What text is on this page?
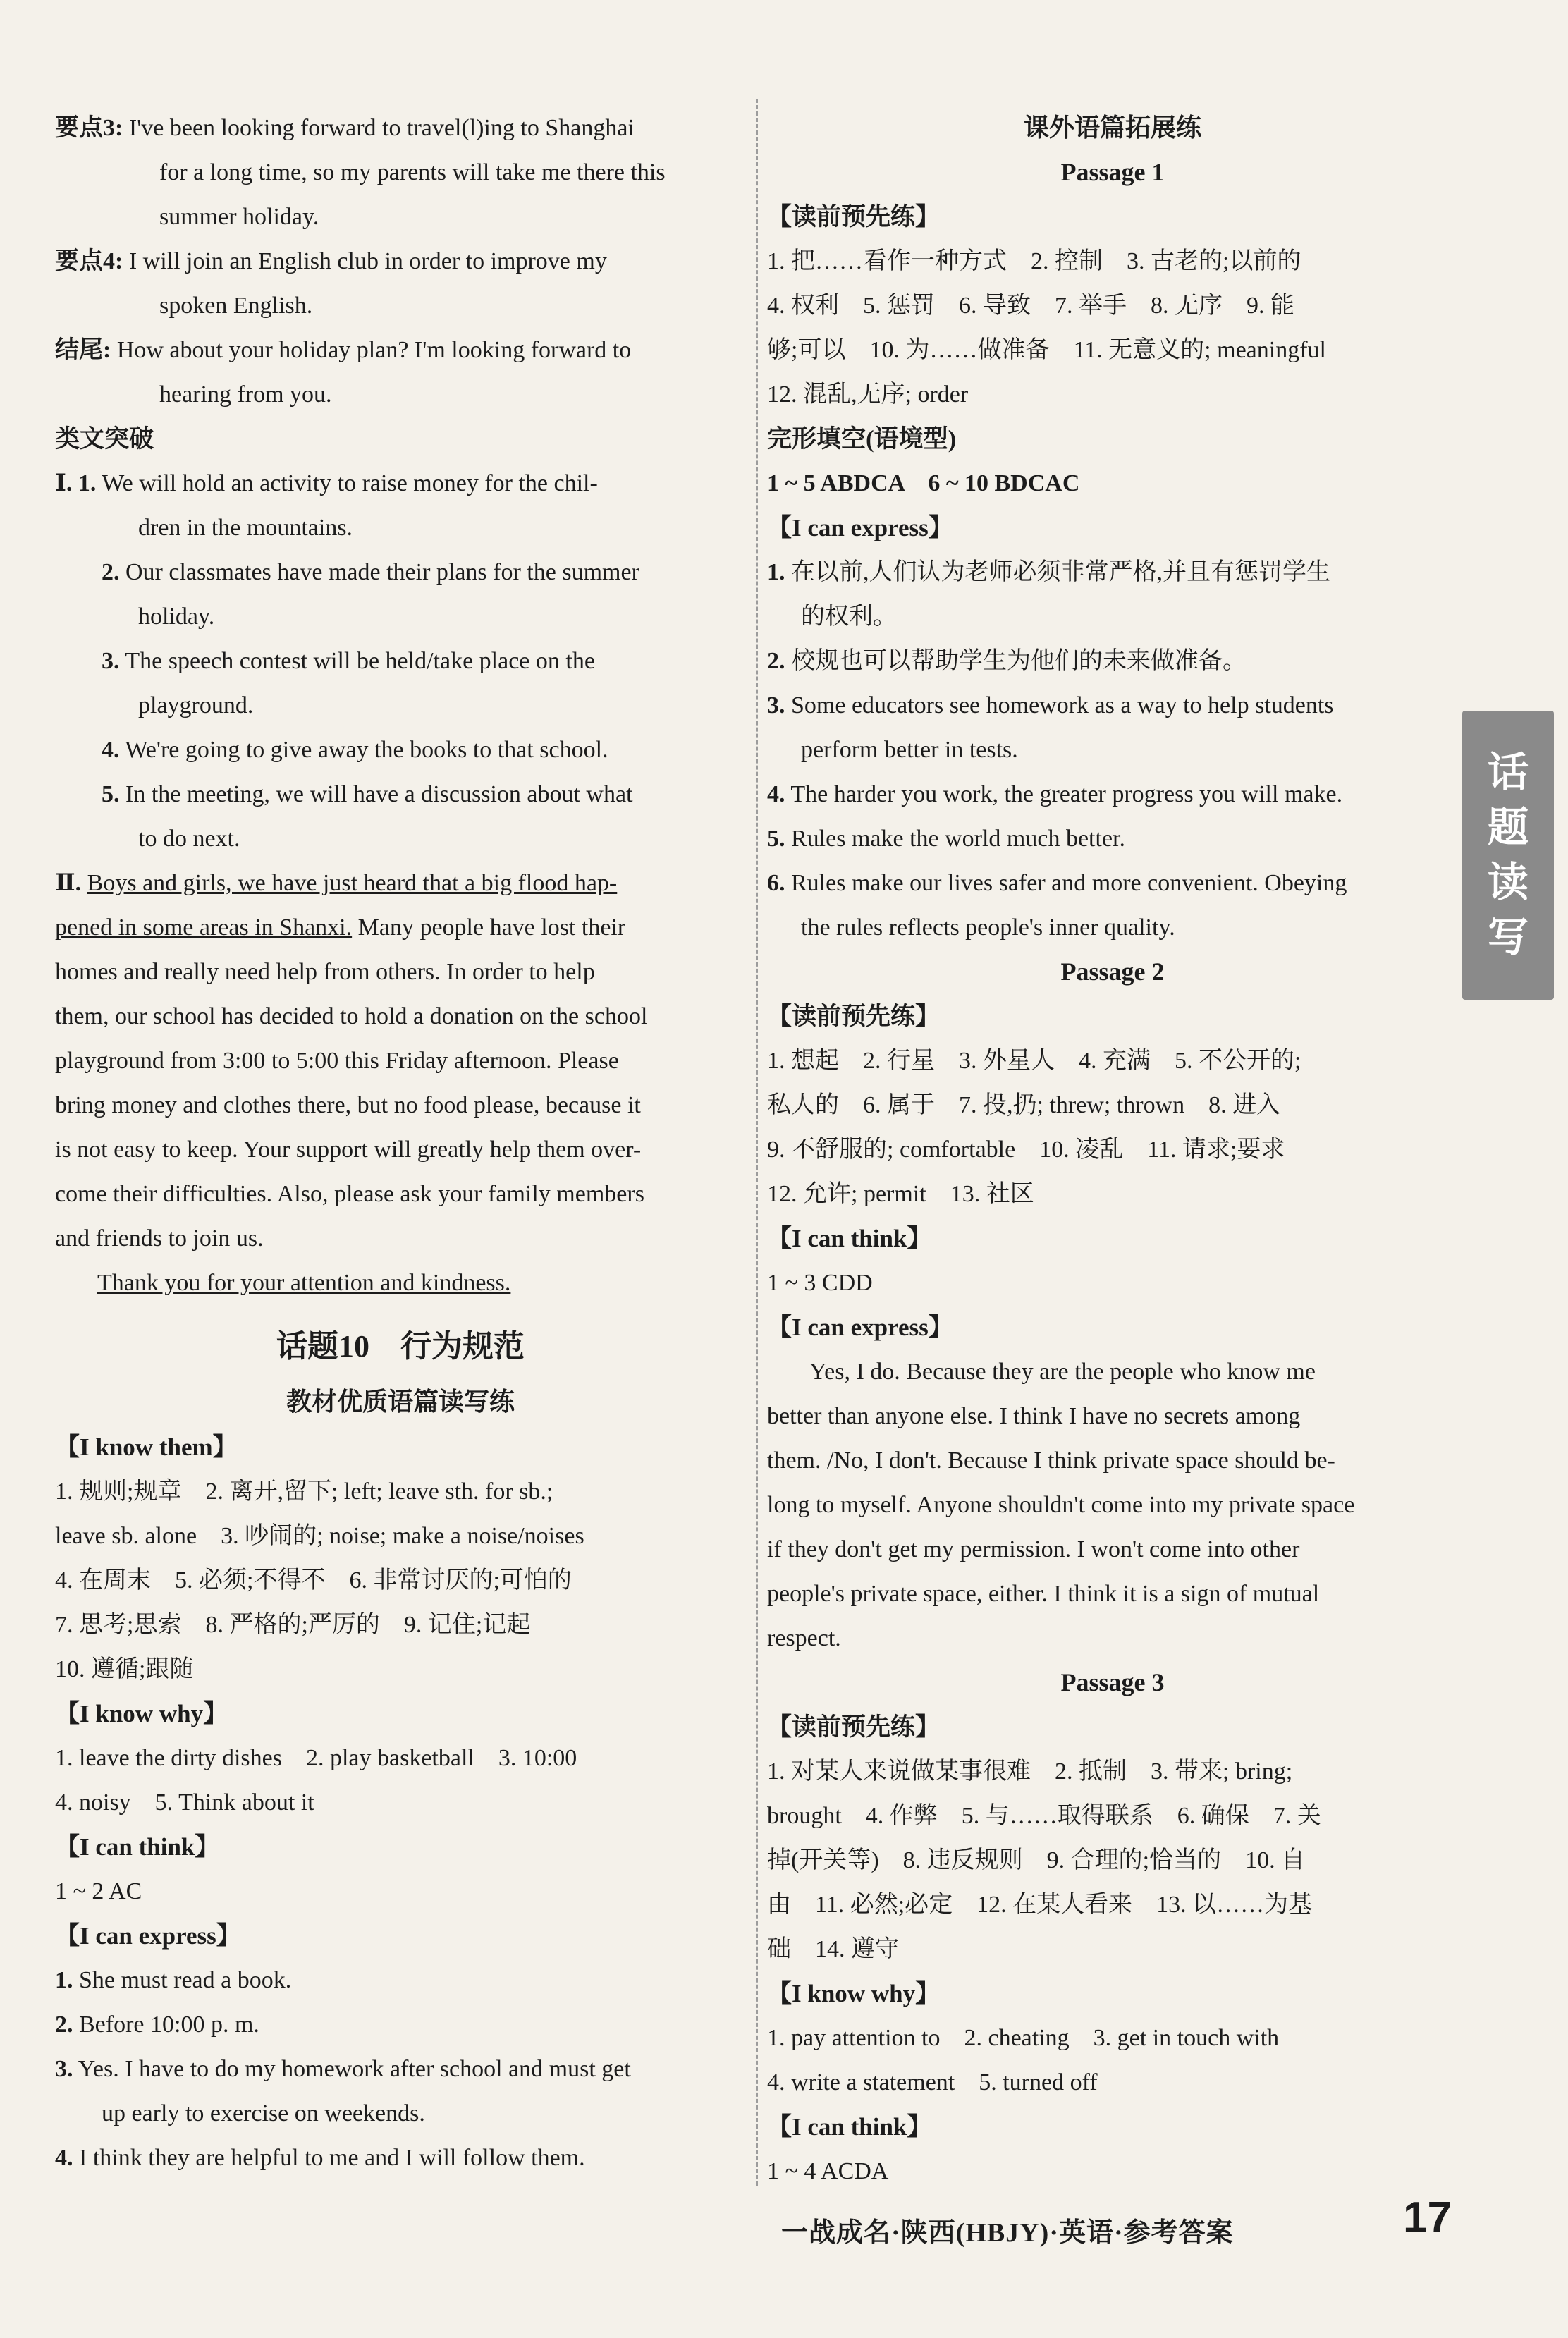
要点3: I've been looking forward to travel(l)ing to Shanghai
for a long time, so my parents will take me there this
summer holiday.
要点4: I will join an English club in order to improve my
spoken English.
结尾: How about your holiday plan? I'm looking forward to
hearing from you.
类文突破
Ⅰ. 1. We will hold an activity to raise money for the chil-
dren in the mountains.
2. Our classmates have made their plans for the summer
holiday.
3. The speech contest will be held/take place on the
playground.
4. We're going to give away the books to that school.
5. In the meeting, we will have a discussion about what
to do next.
Ⅱ. Boys and girls, we have just heard that a big flood hap-
pened in some areas in Shanxi. Many people have lost their
homes and really need help from others. In order to help
them, our school has decided to hold a donation on the school
playground from 3:00 to 5:00 this Friday afternoon. Please
bring money and clothes there, but no food please, because it
is not easy to keep. Your support will greatly help them over-
come their difficulties. Also, please ask your family members
and friends to join us.
Thank you for your attention and kindness.
话题10　行为规范
教材优质语篇读写练
【I know them】
1. 规则;规章　2. 离开,留下; left; leave sth. for sb.;
leave sb. alone　3. 吵闹的; noise; make a noise/noises
4. 在周末　5. 必须;不得不　6. 非常讨厌的;可怕的
7. 思考;思索　8. 严格的;严厉的　9. 记住;记起
10. 遵循;跟随
【I know why】
1. leave the dirty dishes　2. play basketball　3. 10:00
4. noisy　5. Think about it
【I can think】
1 ~ 2 AC
【I can express】
1. She must read a book.
2. Before 10:00 p. m.
3. Yes. I have to do my homework after school and must get
up early to exercise on weekends.
4. I think they are helpful to me and I will follow them.
课外语篇拓展练
Passage 1
【读前预先练】
1. 把……看作一种方式　2. 控制　3. 古老的;以前的
4. 权利　5. 惩罚　6. 导致　7. 举手　8. 无序　9. 能
够;可以　10. 为……做准备　11. 无意义的; meaningful
12. 混乱,无序; order
完形填空(语境型)
1 ~ 5 ABDCA　6 ~ 10 BDCAC
【I can express】
1. 在以前,人们认为老师必须非常严格,并且有惩罚学生
的权利。
2. 校规也可以帮助学生为他们的未来做准备。
3. Some educators see homework as a way to help students
perform better in tests.
4. The harder you work, the greater progress you will make.
5. Rules make the world much better.
6. Rules make our lives safer and more convenient. Obeying
the rules reflects people's inner quality.
Passage 2
【读前预先练】
1. 想起　2. 行星　3. 外星人　4. 充满　5. 不公开的;
私人的　6. 属于　7. 投,扔; threw; thrown　8. 进入
9. 不舒服的; comfortable　10. 凌乱　11. 请求;要求
12. 允许; permit　13. 社区
【I can think】
1 ~ 3 CDD
【I can express】
Yes, I do. Because they are the people who know me
better than anyone else. I think I have no secrets among
them. /No, I don't. Because I think private space should be-
long to myself. Anyone shouldn't come into my private space
if they don't get my permission. I won't come into other
people's private space, either. I think it is a sign of mutual
respect.
Passage 3
【读前预先练】
1. 对某人来说做某事很难　2. 抵制　3. 带来; bring;
brought　4. 作弊　5. 与……取得联系　6. 确保　7. 关
掉(开关等)　8. 违反规则　9. 合理的;恰当的　10. 自
由　11. 必然;必定　12. 在某人看来　13. 以……为基
础　14. 遵守
【I know why】
1. pay attention to　2. cheating　3. get in touch with
4. write a statement　5. turned off
【I can think】
1 ~ 4 ACDA
话
题
读
写
一战成名·陕西(HBJY)·英语·参考答案	17
